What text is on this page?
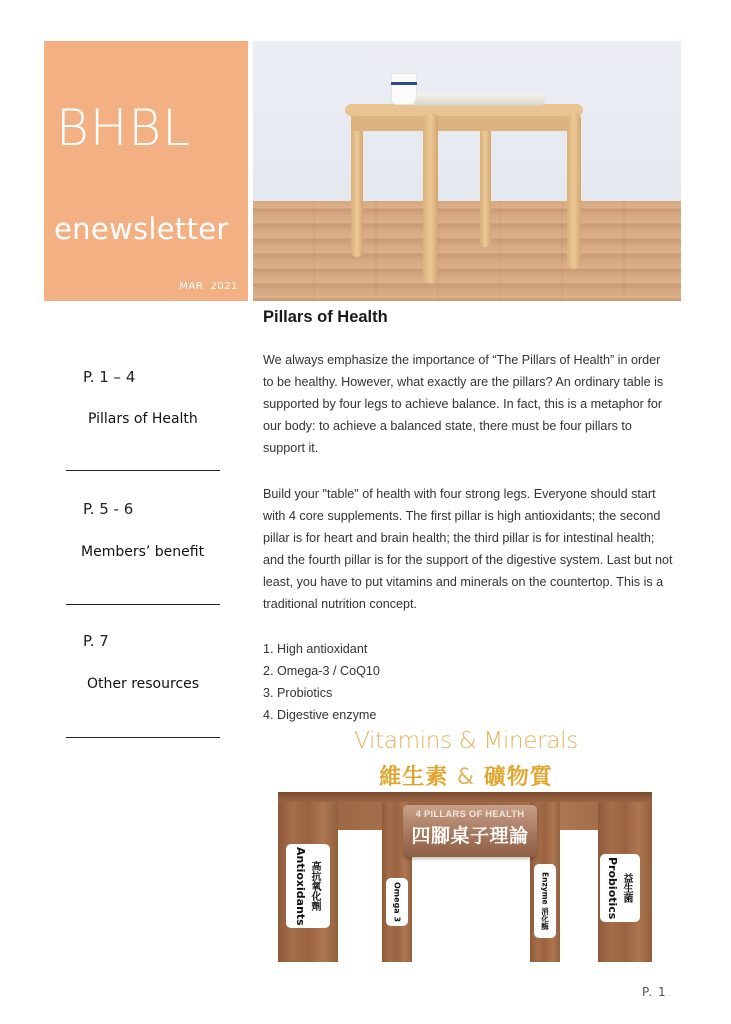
BHBL
enewsletter
MAR  2021
P. 1 – 4
Pillars of Health
P. 5 - 6
Members’ benefit
P. 7
Other resources
Pillars of Health
We always emphasize the importance of “The Pillars of Health” in order to be healthy. However, what exactly are the pillars? An ordinary table is supported by four legs to achieve balance. In fact, this is a metaphor for our body: to achieve a balanced state, there must be four pillars to support it.
Build your "table" of health with four strong legs. Everyone should start with 4 core supplements. The first pillar is high antioxidants; the second pillar is for heart and brain health; the third pillar is for intestinal health; and the fourth pillar is for the support of the digestive system. Last but not least, you have to put vitamins and minerals on the countertop. This is a traditional nutrition concept.
1. High antioxidant
2. Omega-3 / CoQ10
3. Probiotics
4. Digestive enzyme
Vitamins & Minerals
維生素 & 礦物質
Antioxidants 高抗氧化劑	Omega 3	Enzyme 消化酶	Probiotics 益生菌
4 PILLARS OF HEALTH
四腳桌子理論
P. 1
